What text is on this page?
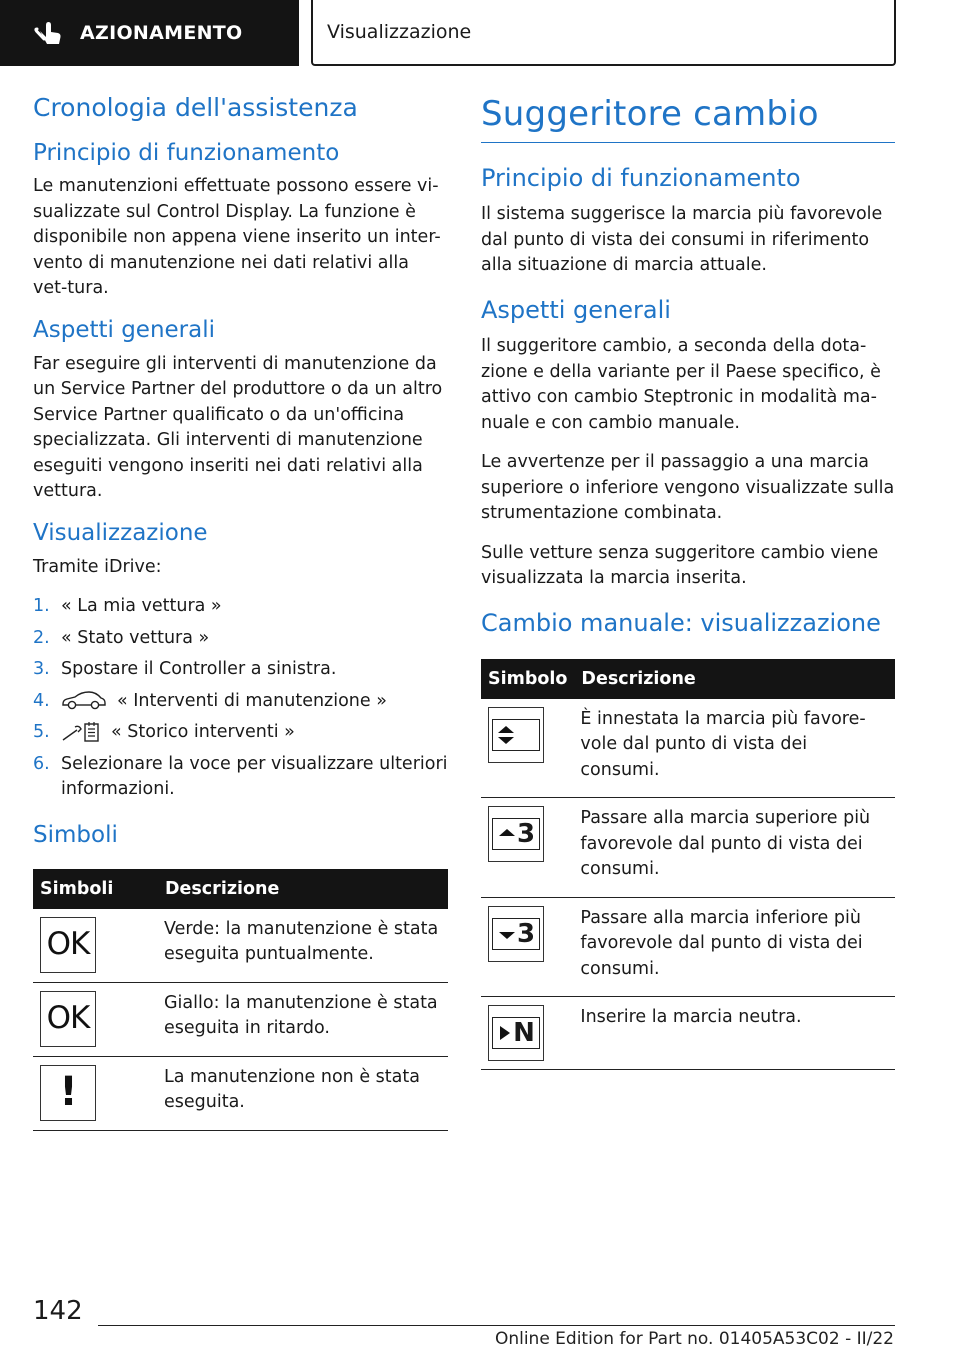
AZIONAMENTO	Visualizzazione
Cronologia dell'assistenza
Principio di funzionamento

Le manutenzioni effettuate possono essere vi-sualizzate sul Control Display. La funzione è disponibile non appena viene inserito un inter-vento di manutenzione nei dati relativi alla vet-tura.

Aspetti generali

Far eseguire gli interventi di manutenzione da un Service Partner del produttore o da un altro Service Partner qualificato o da un'officina specializzata. Gli interventi di manutenzione eseguiti vengono inseriti nei dati relativi alla vettura.

Visualizzazione

Tramite iDrive:

1. « La mia vettura »
2. « Stato vettura »
3. Spostare il Controller a sinistra.
4.	« Interventi di manutenzione »
5.	« Storico interventi »
6. Selezionare la voce per visualizzare ulteriori informazioni.
Simboli
Simboli	Descrizione

OK	Verde: la manutenzione è stata eseguita puntualmente.

OK	Giallo: la manutenzione è stata eseguita in ritardo.

!	La manutenzione non è stata eseguita.
Suggeritore cambio
Principio di funzionamento

Il sistema suggerisce la marcia più favorevole dal punto di vista dei consumi in riferimento alla situazione di marcia attuale.

Aspetti generali

Il suggeritore cambio, a seconda della dota-zione e della variante per il Paese specifico, è attivo con cambio Steptronic in modalità ma-nuale e con cambio manuale.

Le avvertenze per il passaggio a una marcia superiore o inferiore vengono visualizzate sulla strumentazione combinata.

Sulle vetture senza suggeritore cambio viene visualizzata la marcia inserita.

Cambio manuale: visualizzazione
Simbolo	Descrizione

	È innestata la marcia più favore-vole dal punto di vista dei consumi.

3	Passare alla marcia superiore più favorevole dal punto di vista dei consumi.

3	Passare alla marcia inferiore più favorevole dal punto di vista dei consumi.

N	Inserire la marcia neutra.
142
Online Edition for Part no. 01405A53C02 - II/22
